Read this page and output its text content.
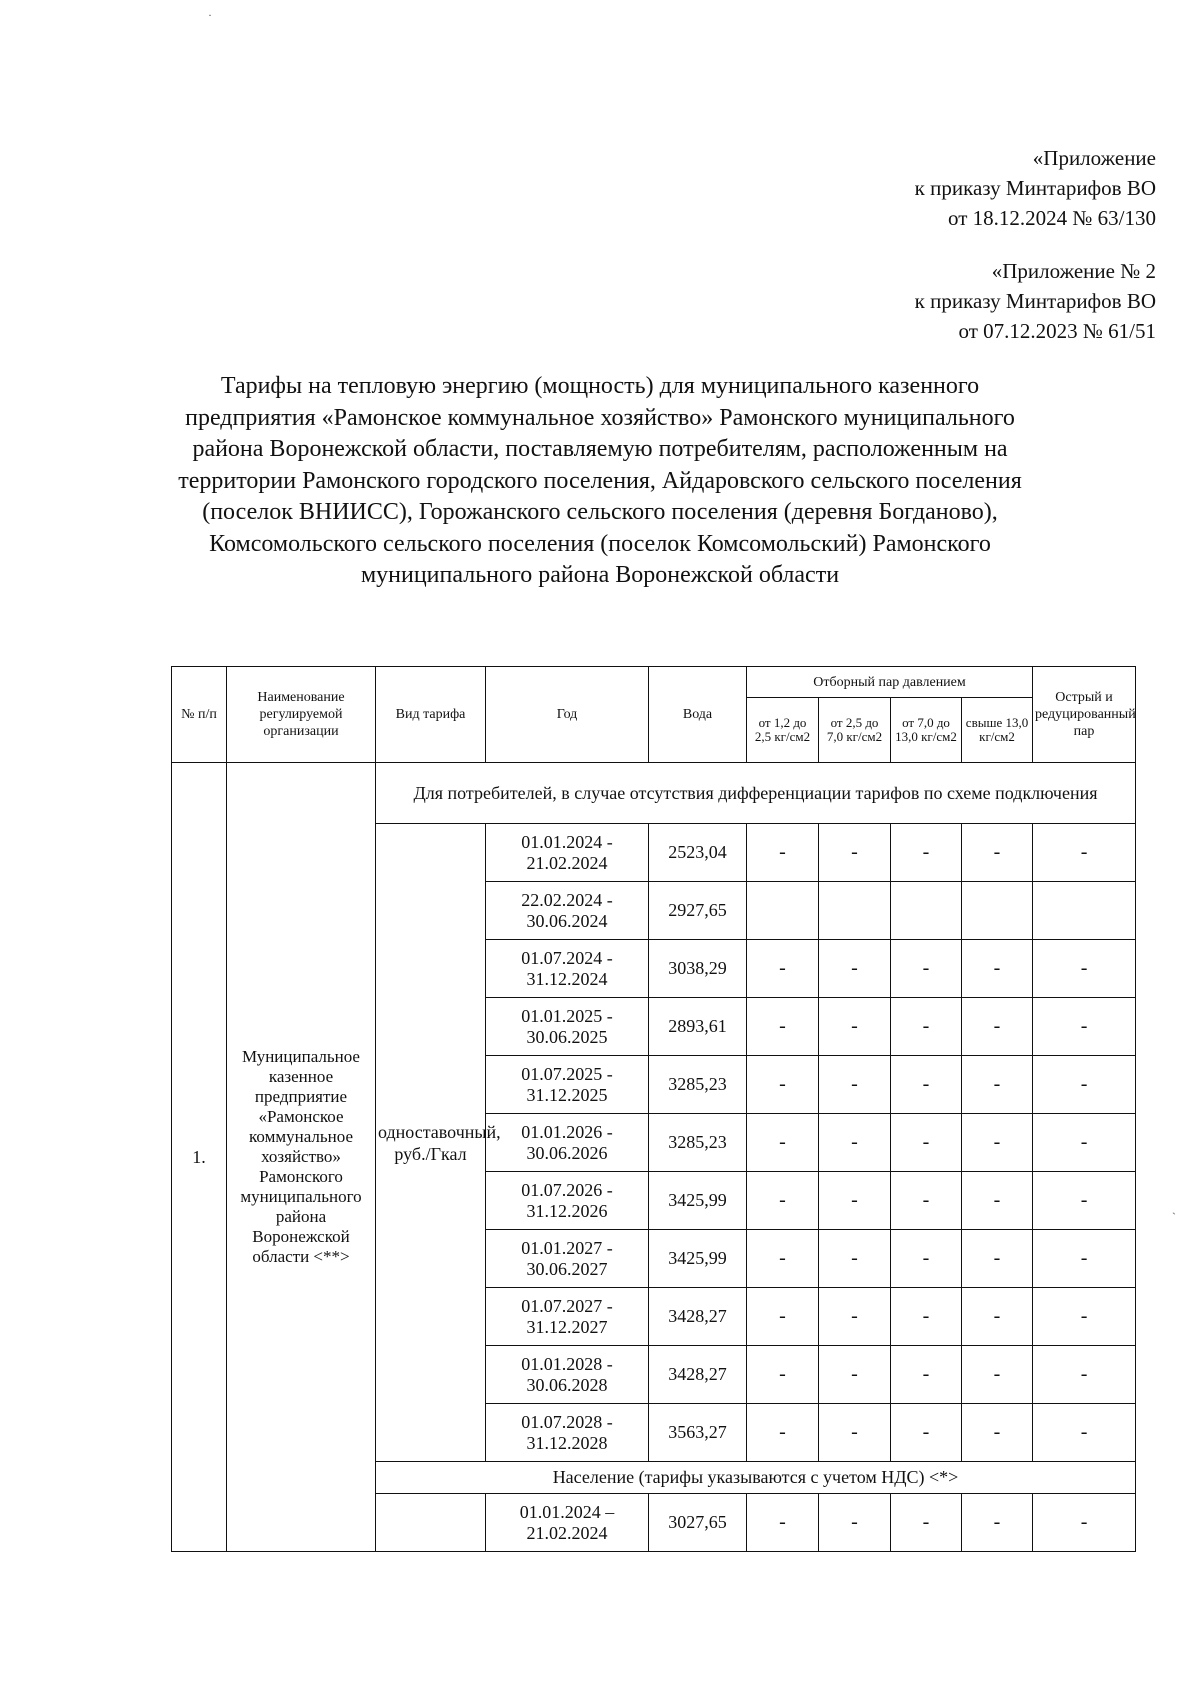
·
`
«Приложение
к приказу Минтарифов ВО
от 18.12.2024 № 63/130
«Приложение № 2
к приказу Минтарифов ВО
от 07.12.2023 № 61/51
Тарифы на тепловую энергию (мощность) для муниципального казенного предприятия «Рамонское коммунальное хозяйство» Рамонского муниципального района Воронежской области, поставляемую потребителям, расположенным на территории Рамонского городского поселения, Айдаровского сельского поселения (поселок ВНИИСС), Горожанского сельского поселения (деревня Богданово), Комсомольского сельского поселения (поселок Комсомольский) Рамонского муниципального района Воронежской области
№ п/п	Наименование регулируемой организации	Вид тарифа	Год	Вода	Отборный пар давлением				Острый и редуцированный пар
					от 1,2 до 2,5 кг/см2	от 2,5 до 7,0 кг/см2	от 7,0 до 13,0 кг/см2	свыше 13,0 кг/см2	
1.	Муниципальное казенное предприятие «Рамонское коммунальное хозяйство» Рамонского муниципального района Воронежской области <**>	Для потребителей, в случае отсутствия дифференциации тарифов по схеме подключения							
		одноставочный, руб./Гкал	01.01.2024 - 21.02.2024	2523,04	-	-	-	-	-
			22.02.2024 - 30.06.2024	2927,65					
			01.07.2024 - 31.12.2024	3038,29	-	-	-	-	-
			01.01.2025 - 30.06.2025	2893,61	-	-	-	-	-
			01.07.2025 - 31.12.2025	3285,23	-	-	-	-	-
			01.01.2026 - 30.06.2026	3285,23	-	-	-	-	-
			01.07.2026 - 31.12.2026	3425,99	-	-	-	-	-
			01.01.2027 - 30.06.2027	3425,99	-	-	-	-	-
			01.07.2027 - 31.12.2027	3428,27	-	-	-	-	-
			01.01.2028 - 30.06.2028	3428,27	-	-	-	-	-
			01.07.2028 - 31.12.2028	3563,27	-	-	-	-	-
		Население (тарифы указываются с учетом НДС) <*>							
			01.01.2024 – 21.02.2024	3027,65	-	-	-	-	-
